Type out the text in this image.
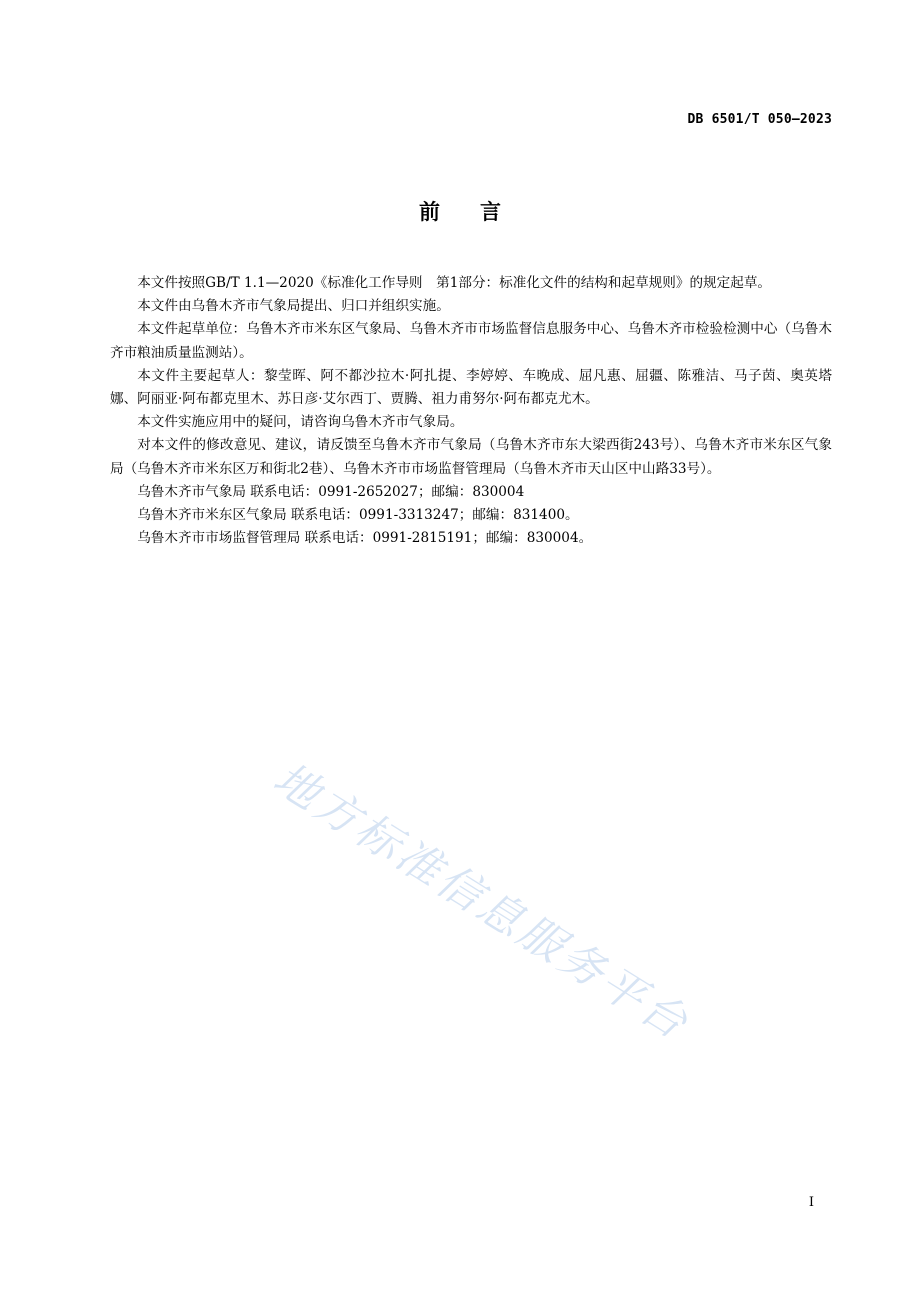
DB 6501/T 050—2023
前言

本文件按照GB/T 1.1—2020《标准化工作导则　第1部分：标准化文件的结构和起草规则》的规定起草。

本文件由乌鲁木齐市气象局提出、归口并组织实施。

本文件起草单位：乌鲁木齐市米东区气象局、乌鲁木齐市市场监督信息服务中心、乌鲁木齐市检验检测中心（乌鲁木齐市粮油质量监测站）。

本文件主要起草人：黎莹晖、阿不都沙拉木·阿扎提、李婷婷、车晚成、屈凡惠、屈疆、陈雅洁、马子茵、奥英塔娜、阿丽亚·阿布都克里木、苏日彦·艾尔西丁、贾腾、祖力甫努尔·阿布都克尤木。

本文件实施应用中的疑问，请咨询乌鲁木齐市气象局。

对本文件的修改意见、建议，请反馈至乌鲁木齐市气象局（乌鲁木齐市东大梁西街243号）、乌鲁木齐市米东区气象局（乌鲁木齐市米东区万和街北2巷）、乌鲁木齐市市场监督管理局（乌鲁木齐市天山区中山路33号）。

乌鲁木齐市气象局 联系电话：0991-2652027；邮编：830004

乌鲁木齐市米东区气象局 联系电话：0991-3313247；邮编：831400。

乌鲁木齐市市场监督管理局 联系电话：0991-2815191；邮编：830004。

地方标准信息服务平台
I
